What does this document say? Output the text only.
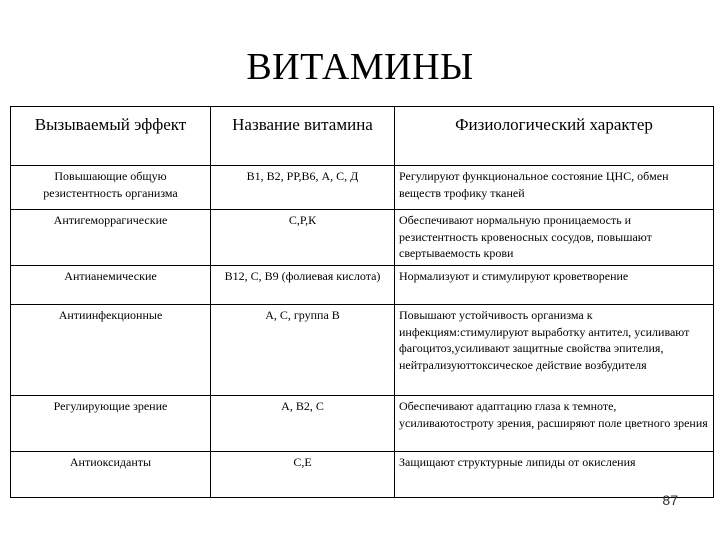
ВИТАМИНЫ
Вызываемый эффект	Название витамина	Физиологический характер
Повышающие общую резистентность организма	В1, В2, РР,В6, А, С, Д	Регулируют функциональное состояние ЦНС, обмен веществ трофику тканей
Антигеморрагические	С,Р,К	Обеспечивают нормальную проницаемость и резистентность кровеносных сосудов, повышают свертываемость крови
Антианемические	В12, С, В9 (фолиевая кислота)	Нормализуют и стимулируют кроветворение
Антиинфекционные	А, С, группа В	Повышают устойчивость организма к инфекциям:стимулируют выработку антител, усиливают фагоцитоз,усиливают защитные свойства эпителия, нейтрализуюттоксическое действие возбудителя
Регулирующие зрение	А, В2, С	Обеспечивают адаптацию глаза к темноте, усиливаютостроту зрения, расширяют поле цветного зрения
Антиоксиданты	С,Е	Защищают структурные липиды от окисления
87
